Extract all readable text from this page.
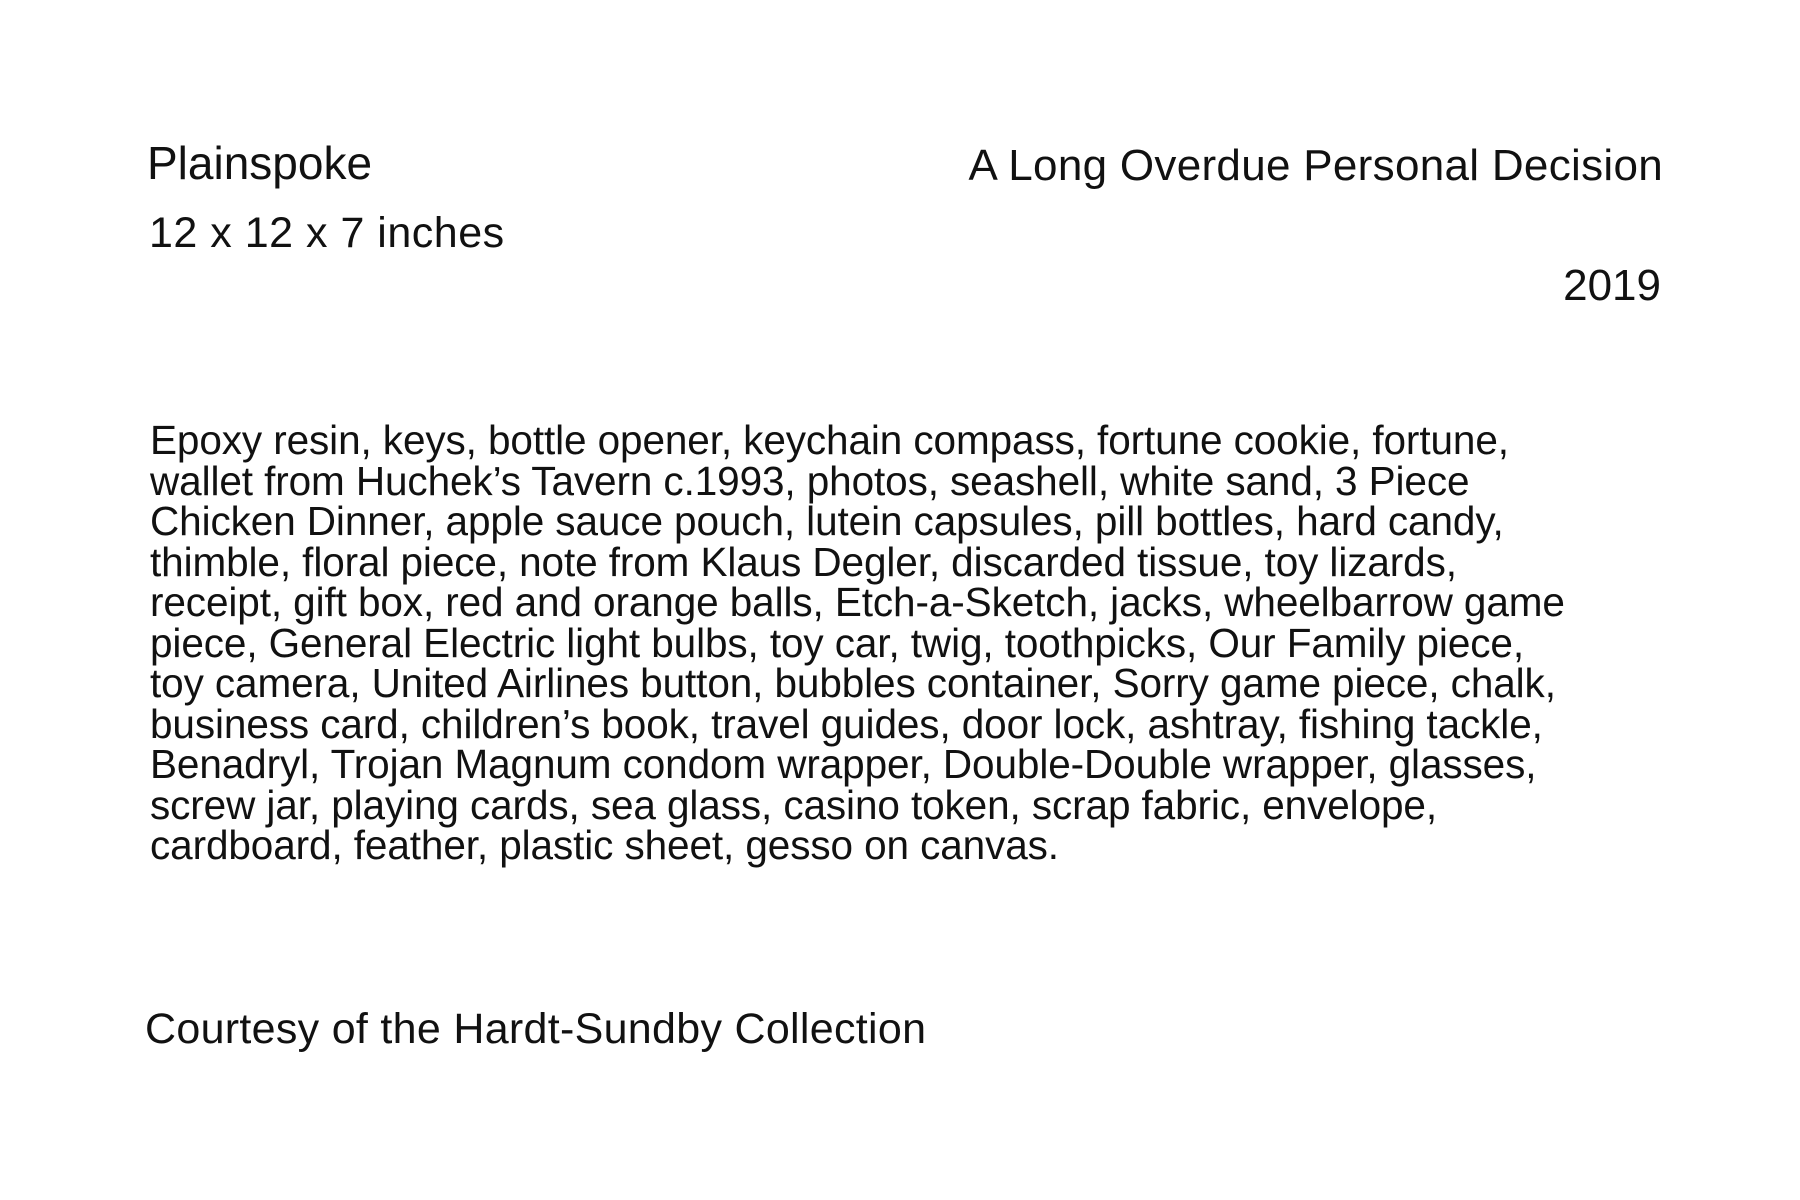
Plainspoke

12 x 12 x 7 inches

A Long Overdue Personal Decision

2019

Epoxy resin, keys, bottle opener, keychain compass, fortune cookie, fortune,
wallet from Huchek’s Tavern c.1993, photos, seashell, white sand, 3 Piece
Chicken Dinner, apple sauce pouch, lutein capsules, pill bottles, hard candy,
thimble, floral piece, note from Klaus Degler, discarded tissue, toy lizards,
receipt, gift box, red and orange balls, Etch-a-Sketch, jacks, wheelbarrow game
piece, General Electric light bulbs, toy car, twig, toothpicks, Our Family piece,
toy camera, United Airlines button, bubbles container, Sorry game piece, chalk,
business card, children’s book, travel guides, door lock, ashtray, fishing tackle,
Benadryl, Trojan Magnum condom wrapper, Double-Double wrapper, glasses,
screw jar, playing cards, sea glass, casino token, scrap fabric, envelope,
cardboard, feather, plastic sheet, gesso on canvas.

Courtesy of the Hardt-Sundby Collection
